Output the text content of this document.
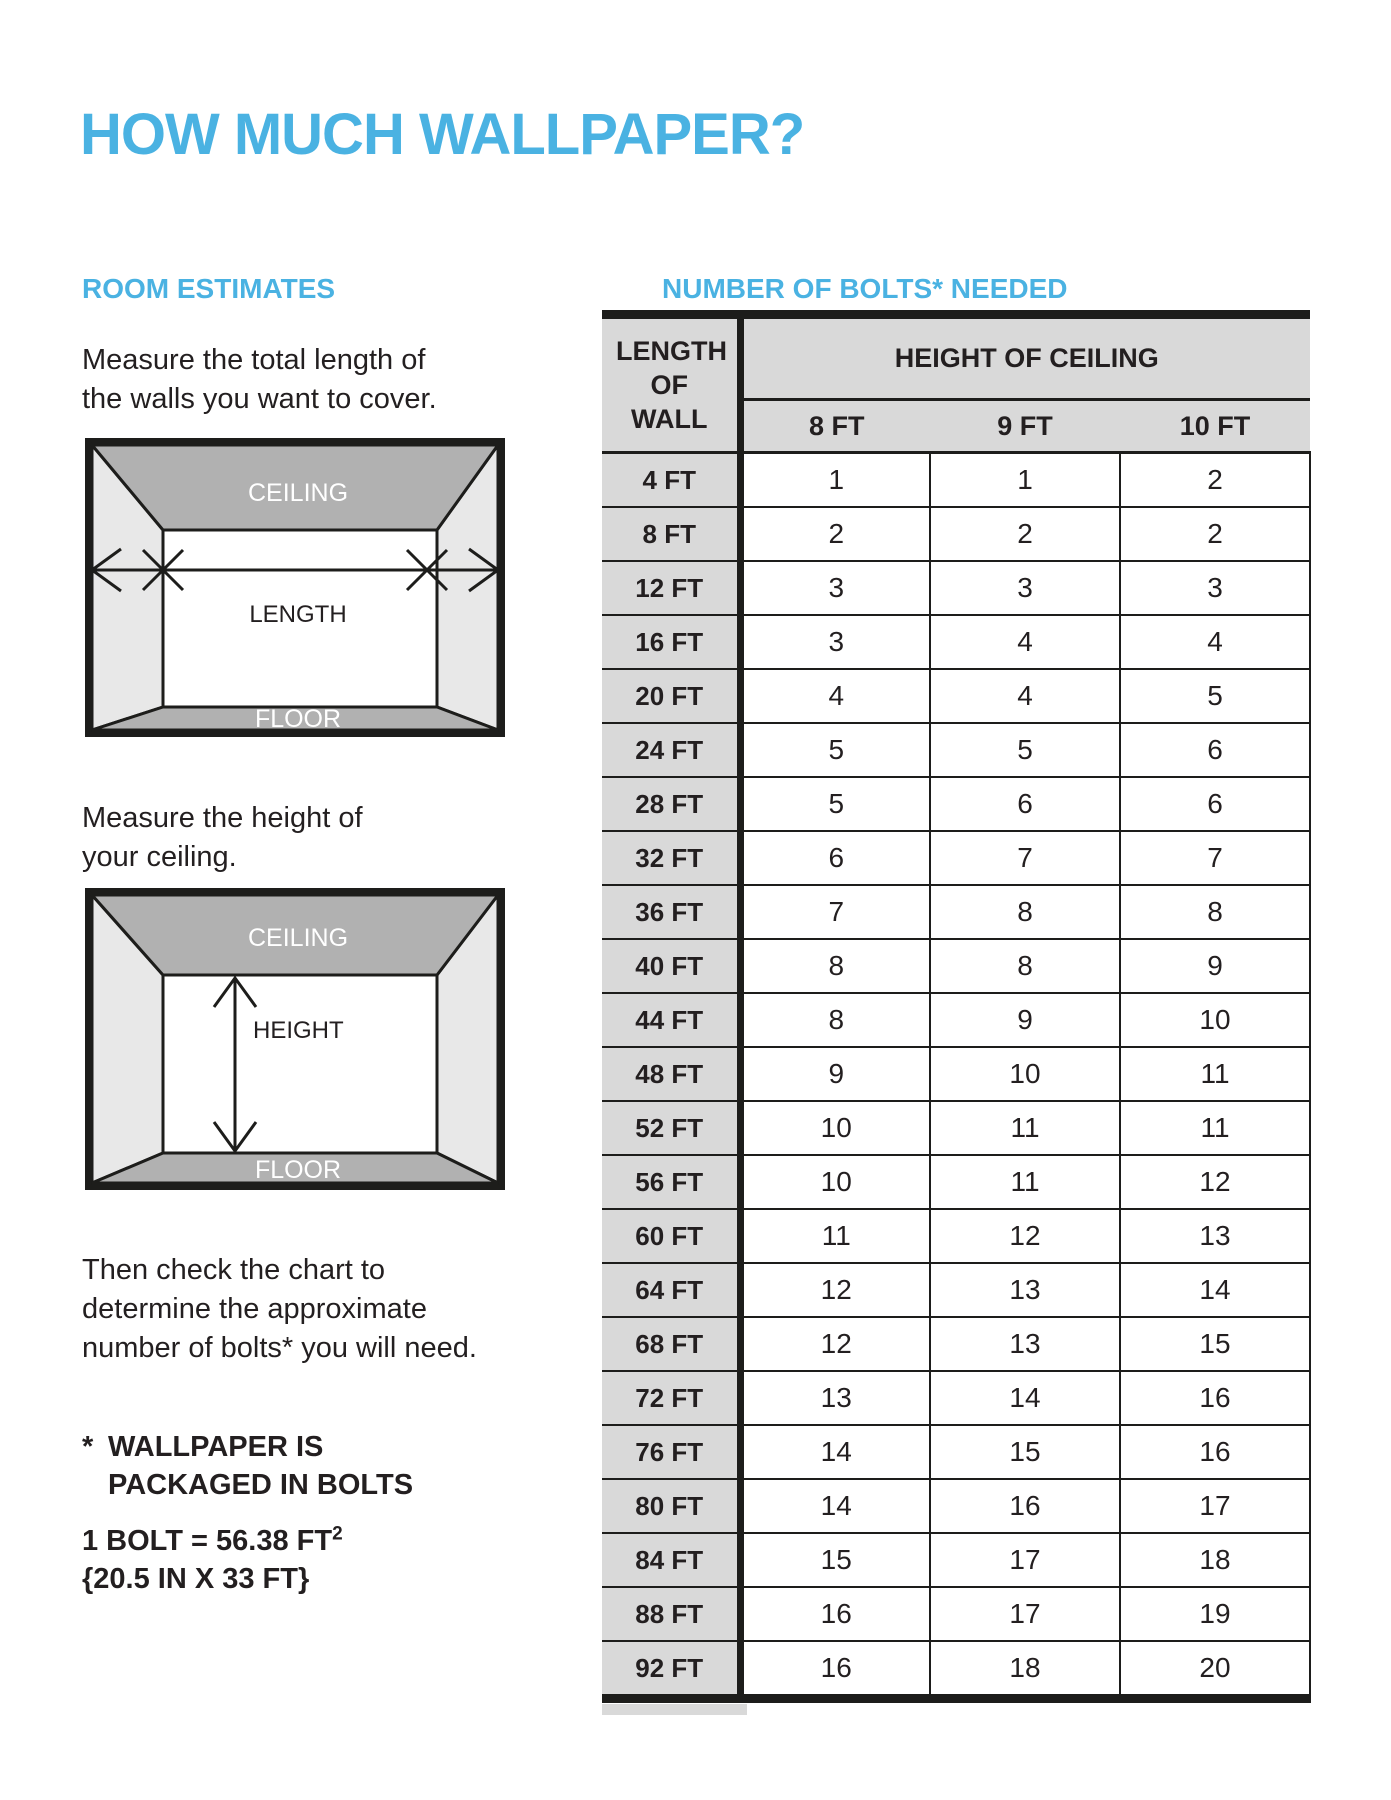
HOW MUCH WALLPAPER?
ROOM ESTIMATES

Measure the total length of
the walls you want to cover.

CEILING
FLOOR
LENGTH

Measure the height of
your ceiling.

CEILING
FLOOR
HEIGHT

Then check the chart to
determine the approximate
number of bolts* you will need.

* WALLPAPER IS
PACKAGED IN BOLTS
1 BOLT = 56.38 $FT^2$
{20.5 IN X 33 FT}
NUMBER OF BOLTS* NEEDED
LENGTH OF WALL	HEIGHT OF CEILING		
	8 FT	9 FT	10 FT
4 FT	1	1	2
8 FT	2	2	2
12 FT	3	3	3
16 FT	3	4	4
20 FT	4	4	5
24 FT	5	5	6
28 FT	5	6	6
32 FT	6	7	7
36 FT	7	8	8
40 FT	8	8	9
44 FT	8	9	10
48 FT	9	10	11
52 FT	10	11	11
56 FT	10	11	12
60 FT	11	12	13
64 FT	12	13	14
68 FT	12	13	15
72 FT	13	14	16
76 FT	14	15	16
80 FT	14	16	17
84 FT	15	17	18
88 FT	16	17	19
92 FT	16	18	20
